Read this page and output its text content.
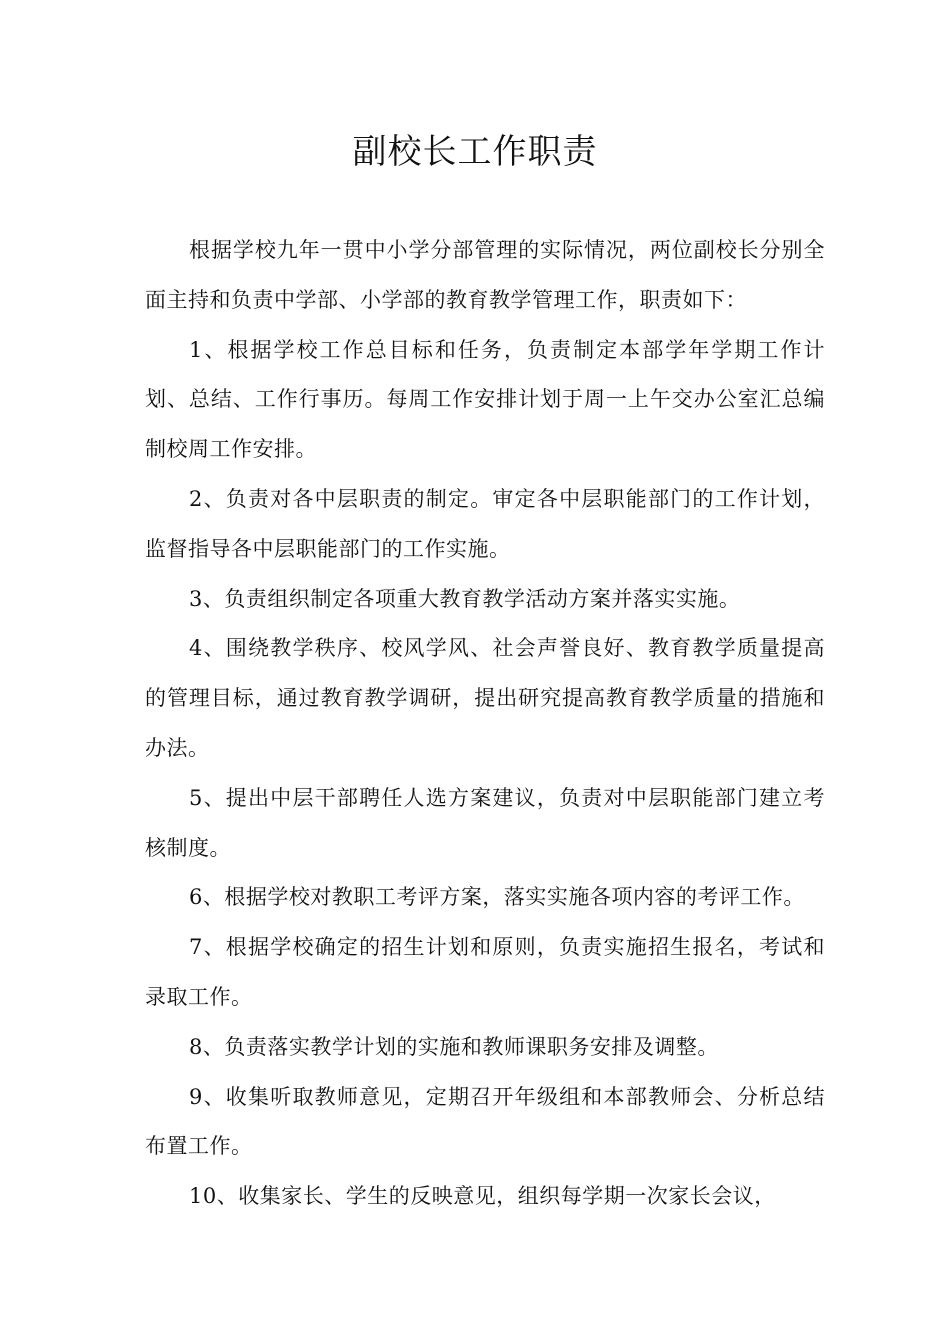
副校长工作职责

根据学校九年一贯中小学分部管理的实际情况，两位副校长分别全面主持和负责中学部、小学部的教育教学管理工作，职责如下：

1、根据学校工作总目标和任务，负责制定本部学年学期工作计划、总结、工作行事历。每周工作安排计划于周一上午交办公室汇总编制校周工作安排。

2、负责对各中层职责的制定。审定各中层职能部门的工作计划，监督指导各中层职能部门的工作实施。

3、负责组织制定各项重大教育教学活动方案并落实实施。

4、围绕教学秩序、校风学风、社会声誉良好、教育教学质量提高的管理目标，通过教育教学调研，提出研究提高教育教学质量的措施和办法。

5、提出中层干部聘任人选方案建议，负责对中层职能部门建立考核制度。

6、根据学校对教职工考评方案，落实实施各项内容的考评工作。

7、根据学校确定的招生计划和原则，负责实施招生报名，考试和录取工作。

8、负责落实教学计划的实施和教师课职务安排及调整。

9、收集听取教师意见，定期召开年级组和本部教师会、分析总结布置工作。

10、收集家长、学生的反映意见，组织每学期一次家长会议，
